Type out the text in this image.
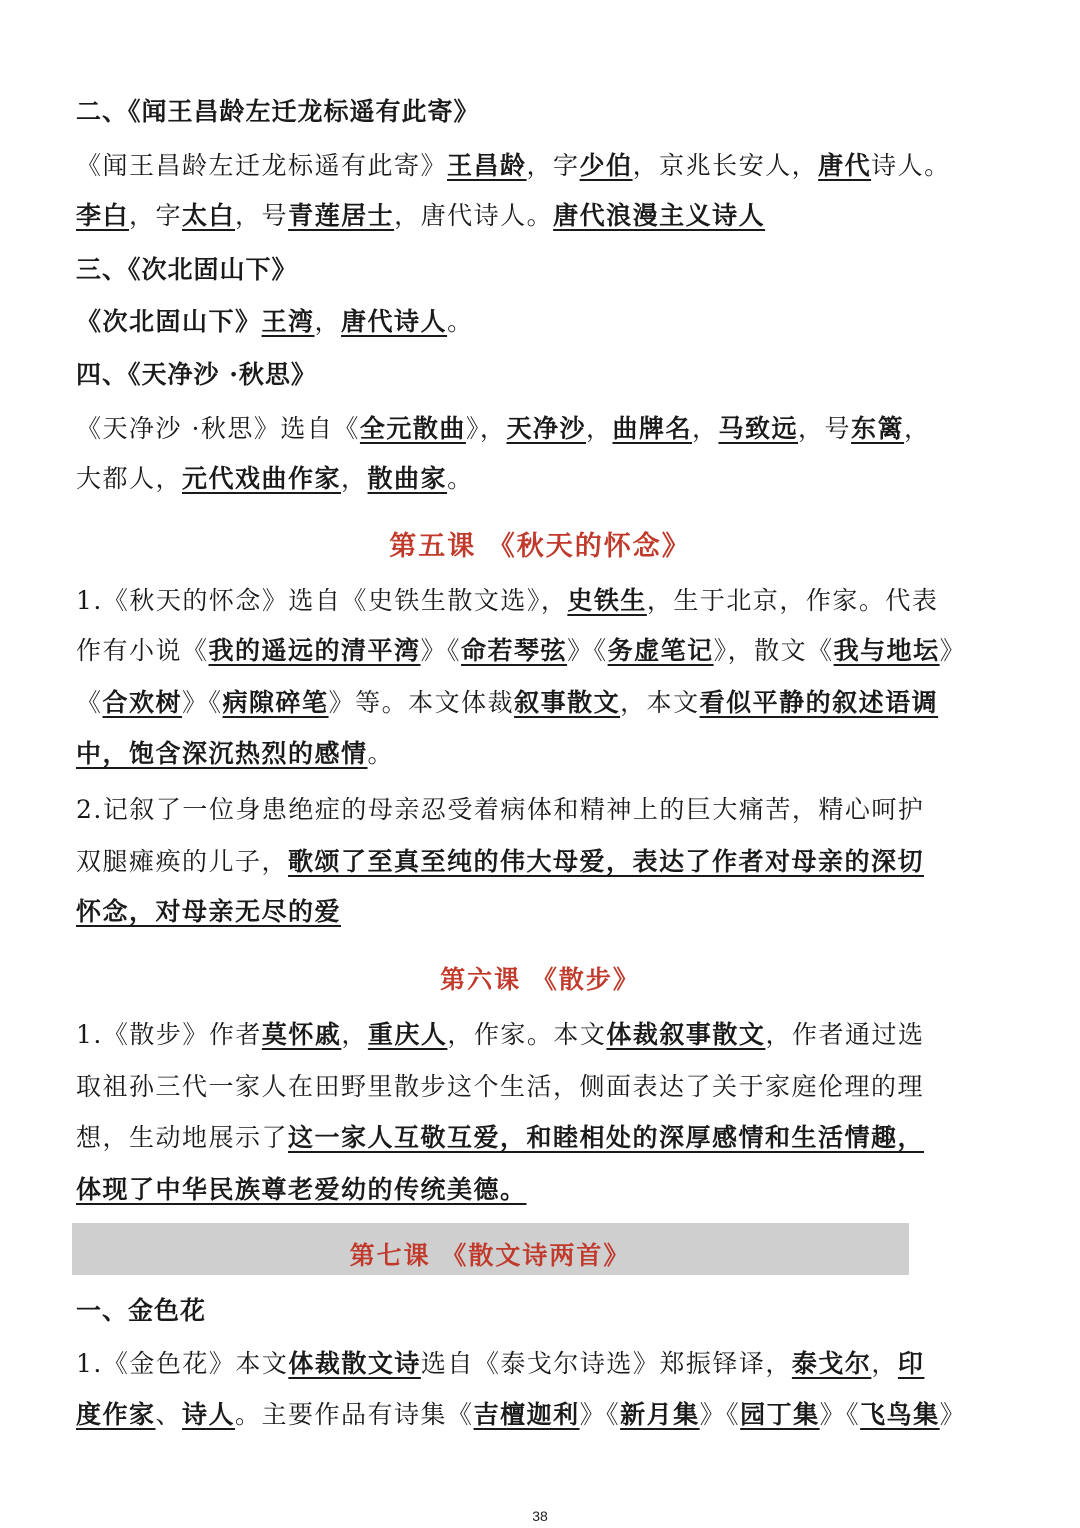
二、《闻王昌龄左迁龙标遥有此寄》
《闻王昌龄左迁龙标遥有此寄》王昌龄，字少伯，京兆长安人，唐代诗人。
李白，字太白，号青莲居士，唐代诗人。唐代浪漫主义诗人
三、《次北固山下》
《次北固山下》王湾，唐代诗人。
四、《天净沙 ·秋思》
《天净沙 ·秋思》选自《全元散曲》，天净沙，曲牌名，马致远，号东篱，
大都人，元代戏曲作家，散曲家。
第五课 《秋天的怀念》
1.《秋天的怀念》选自《史铁生散文选》，史铁生，生于北京，作家。代表
作有小说《我的遥远的清平湾》《命若琴弦》《务虚笔记》，散文《我与地坛》
《合欢树》《病隙碎笔》等。本文体裁叙事散文，本文看似平静的叙述语调
中，饱含深沉热烈的感情。
2.记叙了一位身患绝症的母亲忍受着病体和精神上的巨大痛苦，精心呵护
双腿瘫痪的儿子，歌颂了至真至纯的伟大母爱，表达了作者对母亲的深切
怀念，对母亲无尽的爱
第六课 《散步》
1.《散步》作者莫怀戚，重庆人，作家。本文体裁叙事散文，作者通过选
取祖孙三代一家人在田野里散步这个生活，侧面表达了关于家庭伦理的理
想，生动地展示了这一家人互敬互爱，和睦相处的深厚感情和生活情趣，
体现了中华民族尊老爱幼的传统美德。
第七课 《散文诗两首》
一、金色花
1.《金色花》本文体裁散文诗选自《泰戈尔诗选》郑振铎译，泰戈尔，印
度作家、诗人。主要作品有诗集《吉檀迦利》《新月集》《园丁集》《飞鸟集》
38
